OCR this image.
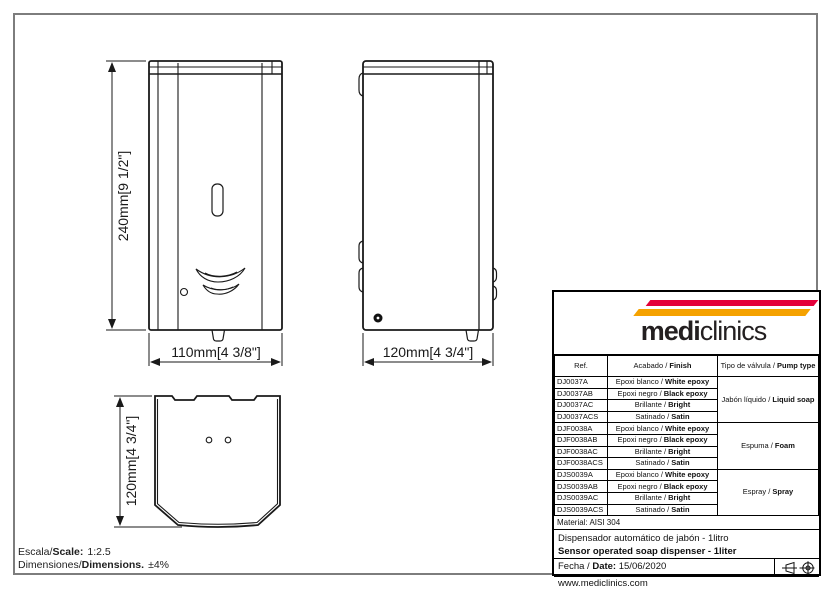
240mm[9 1/2"]
110mm[4 3/8"]	120mm[4 3/4"]
120mm[4 3/4"]
mediclinics
Ref.	Acabado / Finish	Tipo de válvula / Pump type
DJ0037A	Epoxi blanco / White epoxy	Jabón líquido / Liquid soap
DJ0037AB	Epoxi negro / Black epoxy	
DJ0037AC	Brillante / Bright	
DJ0037ACS	Satinado / Satin	
DJF0038A	Epoxi blanco / White epoxy	Espuma / Foam
DJF0038AB	Epoxi negro / Black epoxy	
DJF0038AC	Brillante / Bright	
DJF0038ACS	Satinado / Satin	
DJS0039A	Epoxi blanco / White epoxy	Espray / Spray
DJS0039AB	Epoxi negro / Black epoxy	
DJS0039AC	Brillante / Bright	
DJS0039ACS	Satinado / Satin	
Material: AISI 304
Dispensador automático de jabón - 1litro
Sensor operated soap dispenser - 1liter
Fecha / Date: 15/06/2020
www.mediclinics.com
Escala/Scale: 1:2.5
Dimensiones/Dimensions. ±4%
